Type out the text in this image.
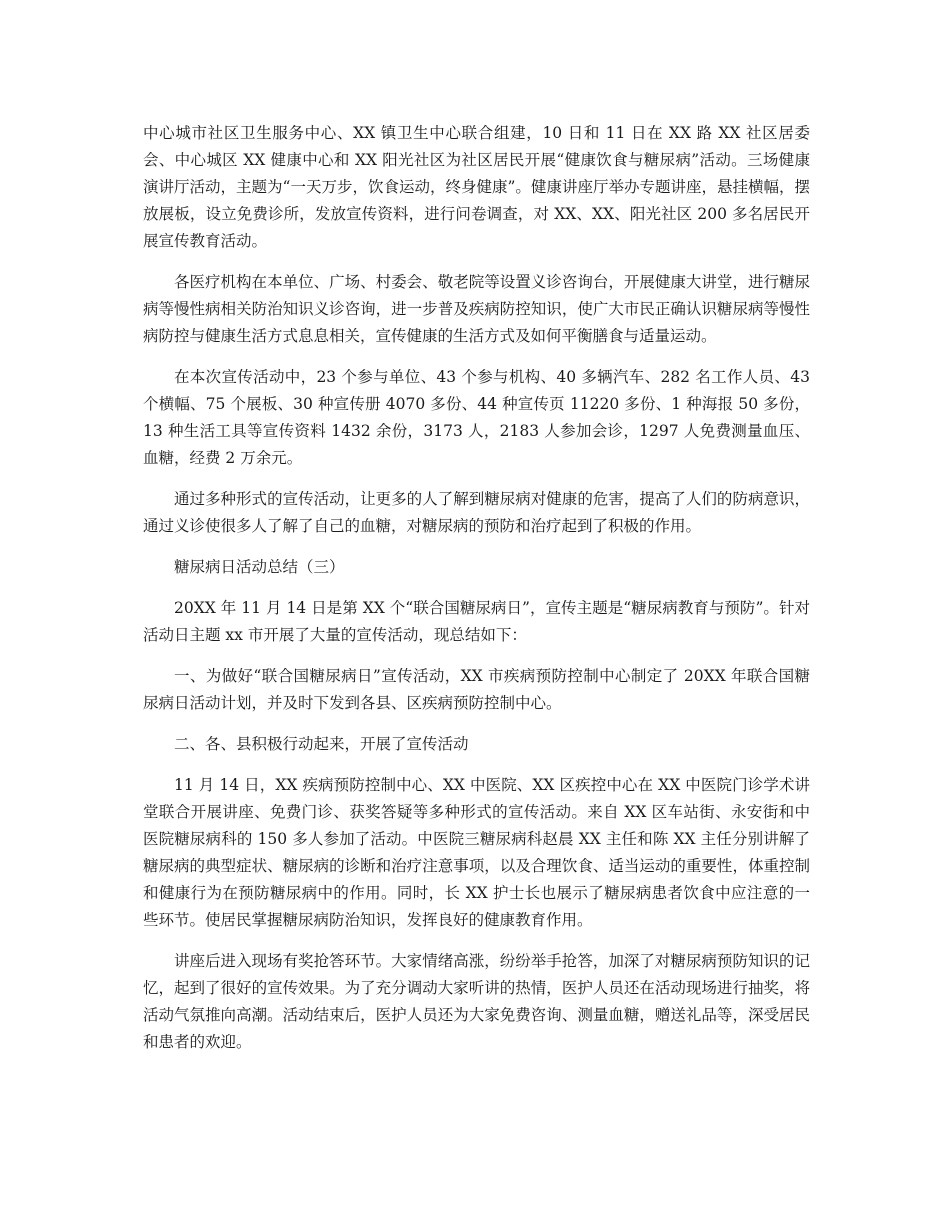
中心城市社区卫生服务中心、XX 镇卫生中心联合组建，10 日和 11 日在 XX 路 XX 社区居委会、中心城区 XX 健康中心和 XX 阳光社区为社区居民开展“健康饮食与糖尿病”活动。三场健康演讲厅活动，主题为“一天万步，饮食运动，终身健康”。健康讲座厅举办专题讲座，悬挂横幅，摆放展板，设立免费诊所，发放宣传资料，进行问卷调查，对 XX、XX、阳光社区 200 多名居民开展宣传教育活动。

各医疗机构在本单位、广场、村委会、敬老院等设置义诊咨询台，开展健康大讲堂，进行糖尿病等慢性病相关防治知识义诊咨询，进一步普及疾病防控知识，使广大市民正确认识糖尿病等慢性病防控与健康生活方式息息相关，宣传健康的生活方式及如何平衡膳食与适量运动。

在本次宣传活动中，23 个参与单位、43 个参与机构、40 多辆汽车、282 名工作人员、43 个横幅、75 个展板、30 种宣传册 4070 多份、44 种宣传页 11220 多份、1 种海报 50 多份，13 种生活工具等宣传资料 1432 余份，3173 人，2183 人参加会诊，1297 人免费测量血压、血糖，经费 2 万余元。

通过多种形式的宣传活动，让更多的人了解到糖尿病对健康的危害，提高了人们的防病意识，通过义诊使很多人了解了自己的血糖，对糖尿病的预防和治疗起到了积极的作用。

糖尿病日活动总结（三）

20XX 年 11 月 14 日是第 XX 个“联合国糖尿病日”，宣传主题是“糖尿病教育与预防”。针对活动日主题 xx 市开展了大量的宣传活动，现总结如下：

一、为做好“联合国糖尿病日”宣传活动，XX 市疾病预防控制中心制定了 20XX 年联合国糖尿病日活动计划，并及时下发到各县、区疾病预防控制中心。

二、各、县积极行动起来，开展了宣传活动

11 月 14 日，XX 疾病预防控制中心、XX 中医院、XX 区疾控中心在 XX 中医院门诊学术讲堂联合开展讲座、免费门诊、获奖答疑等多种形式的宣传活动。来自 XX 区车站街、永安街和中医院糖尿病科的 150 多人参加了活动。中医院三糖尿病科赵晨 XX 主任和陈 XX 主任分别讲解了糖尿病的典型症状、糖尿病的诊断和治疗注意事项，以及合理饮食、适当运动的重要性，体重控制和健康行为在预防糖尿病中的作用。同时，长 XX 护士长也展示了糖尿病患者饮食中应注意的一些环节。使居民掌握糖尿病防治知识，发挥良好的健康教育作用。

讲座后进入现场有奖抢答环节。大家情绪高涨，纷纷举手抢答，加深了对糖尿病预防知识的记忆，起到了很好的宣传效果。为了充分调动大家听讲的热情，医护人员还在活动现场进行抽奖，将活动气氛推向高潮。活动结束后，医护人员还为大家免费咨询、测量血糖，赠送礼品等，深受居民和患者的欢迎。
